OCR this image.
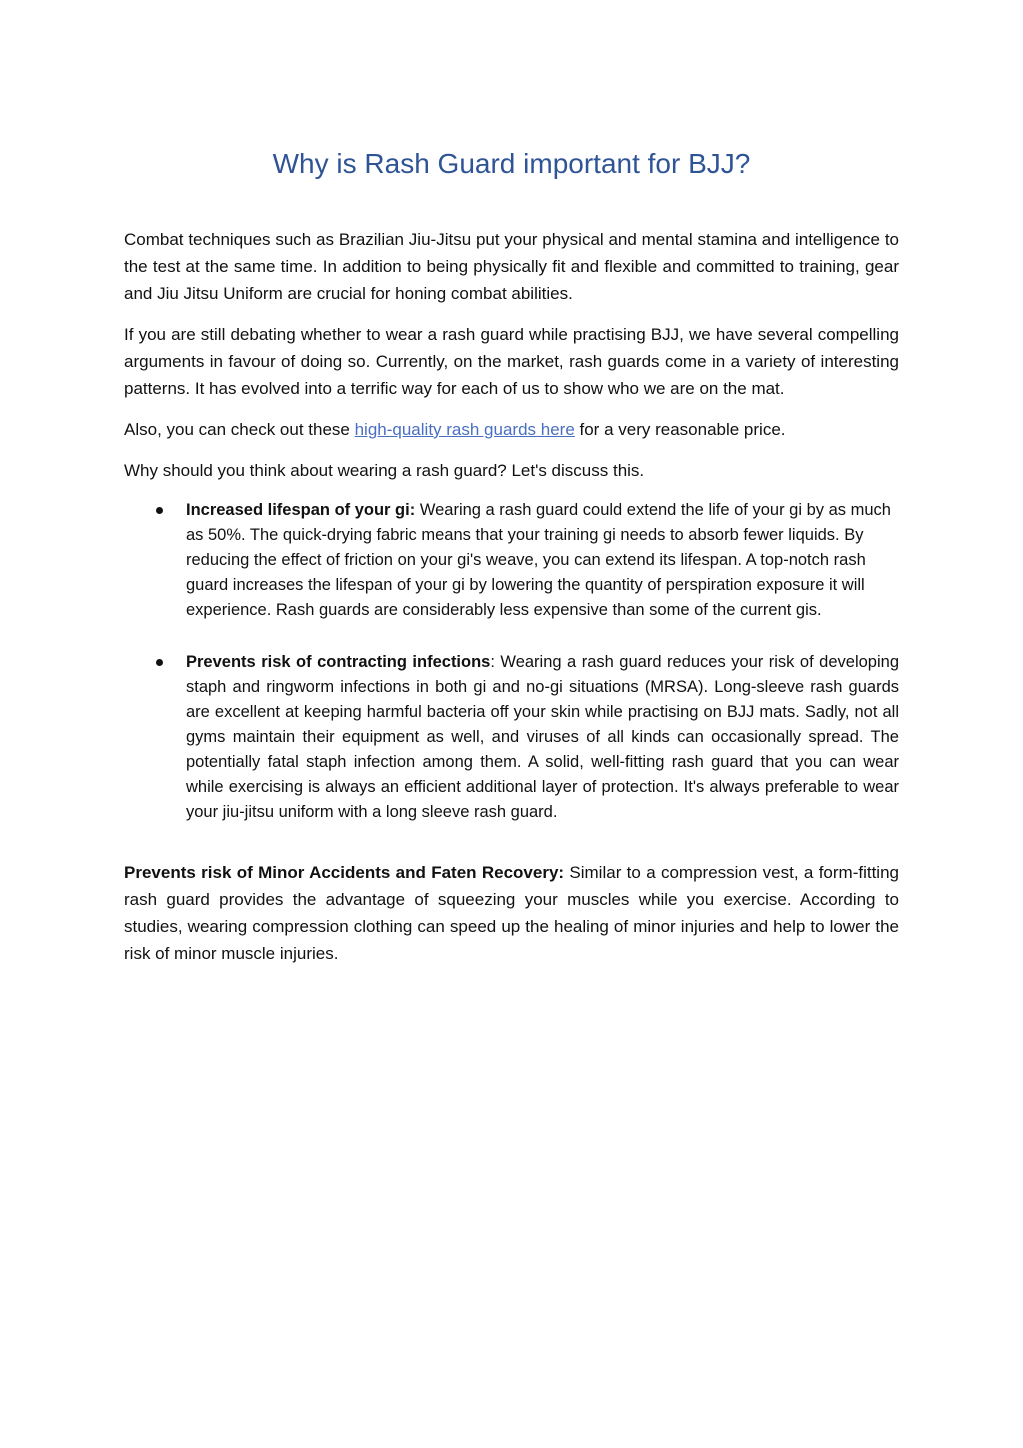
Why is Rash Guard important for BJJ?

Combat techniques such as Brazilian Jiu-Jitsu put your physical and mental stamina and intelligence to the test at the same time. In addition to being physically fit and flexible and committed to training, gear and Jiu Jitsu Uniform are crucial for honing combat abilities.

If you are still debating whether to wear a rash guard while practising BJJ, we have several compelling arguments in favour of doing so. Currently, on the market, rash guards come in a variety of interesting patterns. It has evolved into a terrific way for each of us to show who we are on the mat.

Also, you can check out these high-quality rash guards here for a very reasonable price.

Why should you think about wearing a rash guard? Let's discuss this.

Increased lifespan of your gi: Wearing a rash guard could extend the life of your gi by as much as 50%. The quick-drying fabric means that your training gi needs to absorb fewer liquids. By reducing the effect of friction on your gi's weave, you can extend its lifespan. A top-notch rash guard increases the lifespan of your gi by lowering the quantity of perspiration exposure it will experience. Rash guards are considerably less expensive than some of the current gis.
Prevents risk of contracting infections: Wearing a rash guard reduces your risk of developing staph and ringworm infections in both gi and no-gi situations (MRSA). Long-sleeve rash guards are excellent at keeping harmful bacteria off your skin while practising on BJJ mats. Sadly, not all gyms maintain their equipment as well, and viruses of all kinds can occasionally spread. The potentially fatal staph infection among them. A solid, well-fitting rash guard that you can wear while exercising is always an efficient additional layer of protection. It's always preferable to wear your jiu-jitsu uniform with a long sleeve rash guard.

Prevents risk of Minor Accidents and Faten Recovery: Similar to a compression vest, a form-fitting rash guard provides the advantage of squeezing your muscles while you exercise. According to studies, wearing compression clothing can speed up the healing of minor injuries and help to lower the risk of minor muscle injuries.
